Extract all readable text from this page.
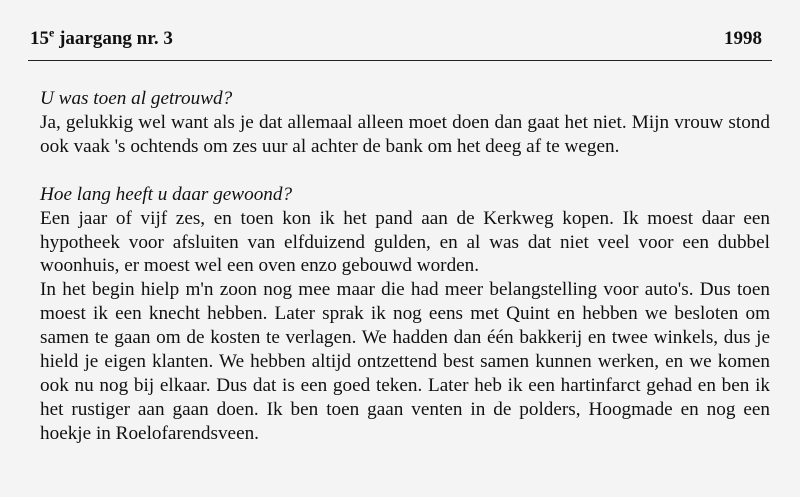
15e jaargang nr. 3	1998

U was toen al getrouwd?

Ja, gelukkig wel want als je dat allemaal alleen moet doen dan gaat het niet. Mijn vrouw stond ook vaak 's ochtends om zes uur al achter de bank om het deeg af te wegen.

Hoe lang heeft u daar gewoond?

Een jaar of vijf zes, en toen kon ik het pand aan de Kerkweg kopen. Ik moest daar een hypotheek voor afsluiten van elfduizend gulden, en al was dat niet veel voor een dubbel woonhuis, er moest wel een oven enzo gebouwd worden.

In het begin hielp m'n zoon nog mee maar die had meer belangstelling voor auto's. Dus toen moest ik een knecht hebben. Later sprak ik nog eens met Quint en hebben we besloten om samen te gaan om de kosten te verlagen. We hadden dan één bakkerij en twee winkels, dus je hield je eigen klanten. We hebben altijd ontzettend best samen kunnen werken, en we komen ook nu nog bij elkaar. Dus dat is een goed teken. Later heb ik een hartinfarct gehad en ben ik het rustiger aan gaan doen. Ik ben toen gaan venten in de polders, Hoogmade en nog een hoekje in Roelofarendsveen.
